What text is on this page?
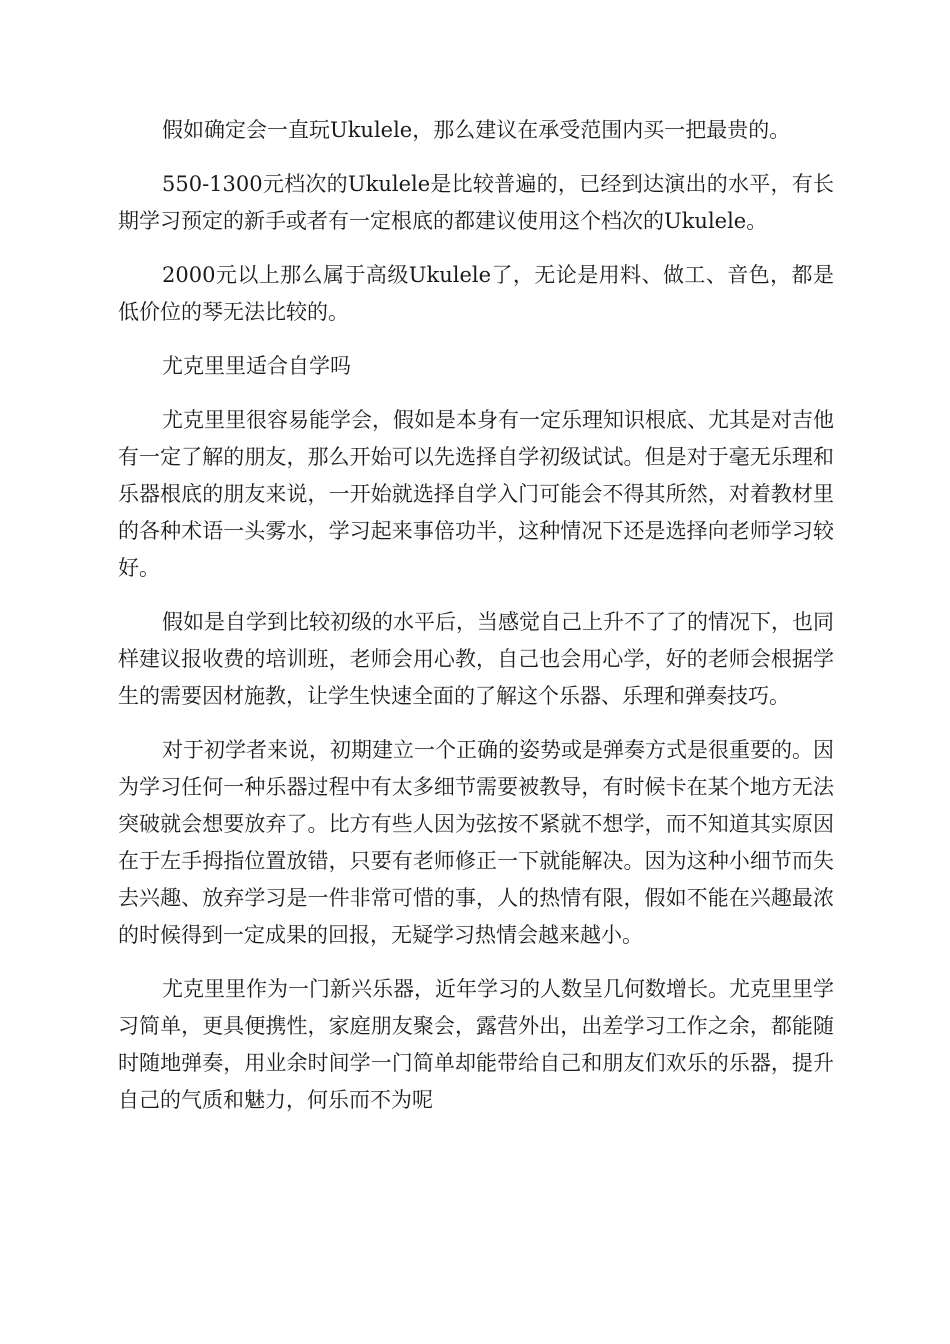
假如确定会一直玩Ukulele，那么建议在承受范围内买一把最贵的。

550-1300元档次的Ukulele是比较普遍的，已经到达演出的水平，有长期学习预定的新手或者有一定根底的都建议使用这个档次的Ukulele。

2000元以上那么属于高级Ukulele了，无论是用料、做工、音色，都是低价位的琴无法比较的。

尤克里里适合自学吗

尤克里里很容易能学会，假如是本身有一定乐理知识根底、尤其是对吉他有一定了解的朋友，那么开始可以先选择自学初级试试。但是对于毫无乐理和乐器根底的朋友来说，一开始就选择自学入门可能会不得其所然，对着教材里的各种术语一头雾水，学习起来事倍功半，这种情况下还是选择向老师学习较好。

假如是自学到比较初级的水平后，当感觉自己上升不了了的情况下，也同样建议报收费的培训班，老师会用心教，自己也会用心学，好的老师会根据学生的需要因材施教，让学生快速全面的了解这个乐器、乐理和弹奏技巧。

对于初学者来说，初期建立一个正确的姿势或是弹奏方式是很重要的。因为学习任何一种乐器过程中有太多细节需要被教导，有时候卡在某个地方无法突破就会想要放弃了。比方有些人因为弦按不紧就不想学，而不知道其实原因在于左手拇指位置放错，只要有老师修正一下就能解决。因为这种小细节而失去兴趣、放弃学习是一件非常可惜的事，人的热情有限，假如不能在兴趣最浓的时候得到一定成果的回报，无疑学习热情会越来越小。

尤克里里作为一门新兴乐器，近年学习的人数呈几何数增长。尤克里里学习简单，更具便携性，家庭朋友聚会，露营外出，出差学习工作之余，都能随时随地弹奏，用业余时间学一门简单却能带给自己和朋友们欢乐的乐器，提升自己的气质和魅力，何乐而不为呢
